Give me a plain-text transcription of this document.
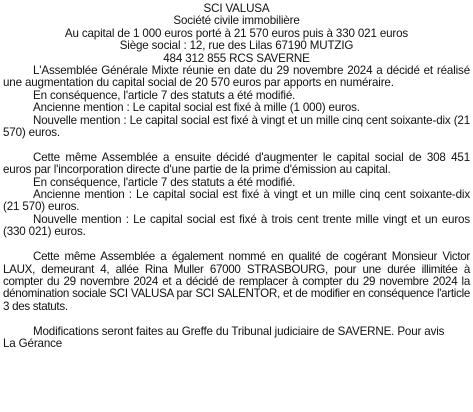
SCI VALUSA

Société civile immobilière

Au capital de 1 000 euros porté à 21 570 euros puis à 330 021 euros

Siège social : 12, rue des Lilas 67190 MUTZIG

484 312 855 RCS SAVERNE

L'Assemblée Générale Mixte réunie en date du 29 novembre 2024 a décidé et réalisé une augmentation du capital social de 20 570 euros par apports en numéraire.

En conséquence, l'article 7 des statuts a été modifié.

Ancienne mention : Le capital social est fixé à mille (1 000) euros.

Nouvelle mention : Le capital social est fixé à vingt et un mille cinq cent soixante-dix (21 570) euros.

Cette même Assemblée a ensuite décidé d'augmenter le capital social de 308 451 euros par l'incorporation directe d'une partie de la prime d'émission au capital.

En conséquence, l'article 7 des statuts a été modifié.

Ancienne mention : Le capital social est fixé à vingt et un mille cinq cent soixante-dix (21 570) euros.

Nouvelle mention : Le capital social est fixé à trois cent trente mille vingt et un euros (330 021) euros.

Cette même Assemblée a également nommé en qualité de cogérant Monsieur Victor LAUX, demeurant 4, allée Rina Muller 67000 STRASBOURG, pour une durée illimitée à compter du 29 novembre 2024 et a décidé de remplacer à compter du 29 novembre 2024 la dénomination sociale SCI VALUSA par SCI SALENTOR, et de modifier en conséquence l'article 3 des statuts.

Modifications seront faites au Greffe du Tribunal judiciaire de SAVERNE. Pour avis

La Gérance
